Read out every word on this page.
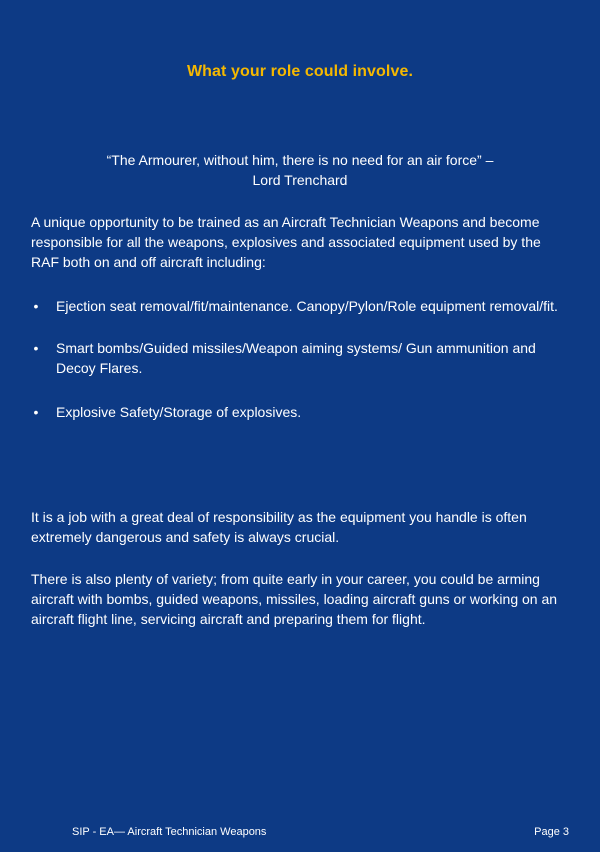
What your role could involve.
“The Armourer, without him, there is no need for an air force” –
Lord Trenchard
A unique opportunity to be trained as an Aircraft Technician Weapons and become responsible for all the weapons, explosives and associated equipment used by the RAF both on and off aircraft including:
• Ejection seat removal/fit/maintenance. Canopy/Pylon/Role equipment removal/fit.
• Smart bombs/Guided missiles/Weapon aiming systems/ Gun ammunition and Decoy Flares.
• Explosive Safety/Storage of explosives.
It is a job with a great deal of responsibility as the equipment you handle is often extremely dangerous and safety is always crucial.
There is also plenty of variety; from quite early in your career, you could be arming aircraft with bombs, guided weapons, missiles, loading aircraft guns or working on an aircraft flight line, servicing aircraft and preparing them for flight.
SIP - EA— Aircraft Technician Weapons	Page 3
